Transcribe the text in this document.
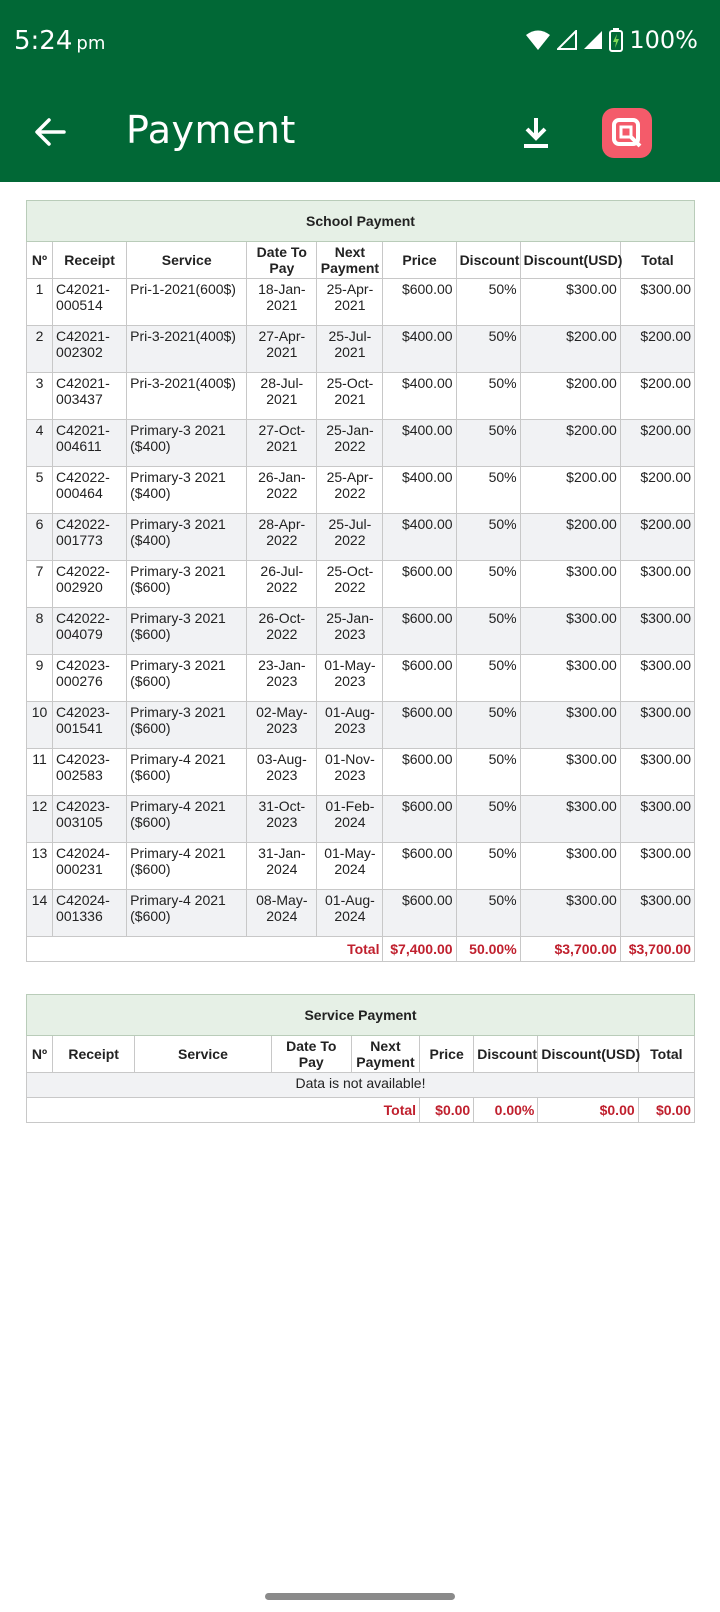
5:24 pm	100%
Payment
School Payment								
Nº	Receipt	Service	Date To Pay	Next Payment	Price	Discount	Discount(USD)	Total
1	C42021-000514	Pri-1-2021(600$)	18-Jan-2021	25-Apr-2021	$600.00	50%	$300.00	$300.00
2	C42021-002302	Pri-3-2021(400$)	27-Apr-2021	25-Jul-2021	$400.00	50%	$200.00	$200.00
3	C42021-003437	Pri-3-2021(400$)	28-Jul-2021	25-Oct-2021	$400.00	50%	$200.00	$200.00
4	C42021-004611	Primary-3 2021 ($400)	27-Oct-2021	25-Jan-2022	$400.00	50%	$200.00	$200.00
5	C42022-000464	Primary-3 2021 ($400)	26-Jan-2022	25-Apr-2022	$400.00	50%	$200.00	$200.00
6	C42022-001773	Primary-3 2021 ($400)	28-Apr-2022	25-Jul-2022	$400.00	50%	$200.00	$200.00
7	C42022-002920	Primary-3 2021 ($600)	26-Jul-2022	25-Oct-2022	$600.00	50%	$300.00	$300.00
8	C42022-004079	Primary-3 2021 ($600)	26-Oct-2022	25-Jan-2023	$600.00	50%	$300.00	$300.00
9	C42023-000276	Primary-3 2021 ($600)	23-Jan-2023	01-May-2023	$600.00	50%	$300.00	$300.00
10	C42023-001541	Primary-3 2021 ($600)	02-May-2023	01-Aug-2023	$600.00	50%	$300.00	$300.00
11	C42023-002583	Primary-4 2021 ($600)	03-Aug-2023	01-Nov-2023	$600.00	50%	$300.00	$300.00
12	C42023-003105	Primary-4 2021 ($600)	31-Oct-2023	01-Feb-2024	$600.00	50%	$300.00	$300.00
13	C42024-000231	Primary-4 2021 ($600)	31-Jan-2024	01-May-2024	$600.00	50%	$300.00	$300.00
14	C42024-001336	Primary-4 2021 ($600)	08-May-2024	01-Aug-2024	$600.00	50%	$300.00	$300.00
Total					$7,400.00	50.00%	$3,700.00	$3,700.00
Service Payment								
Nº	Receipt	Service	Date To Pay	Next Payment	Price	Discount	Discount(USD)	Total
Data is not available!								
Total					$0.00	0.00%	$0.00	$0.00
